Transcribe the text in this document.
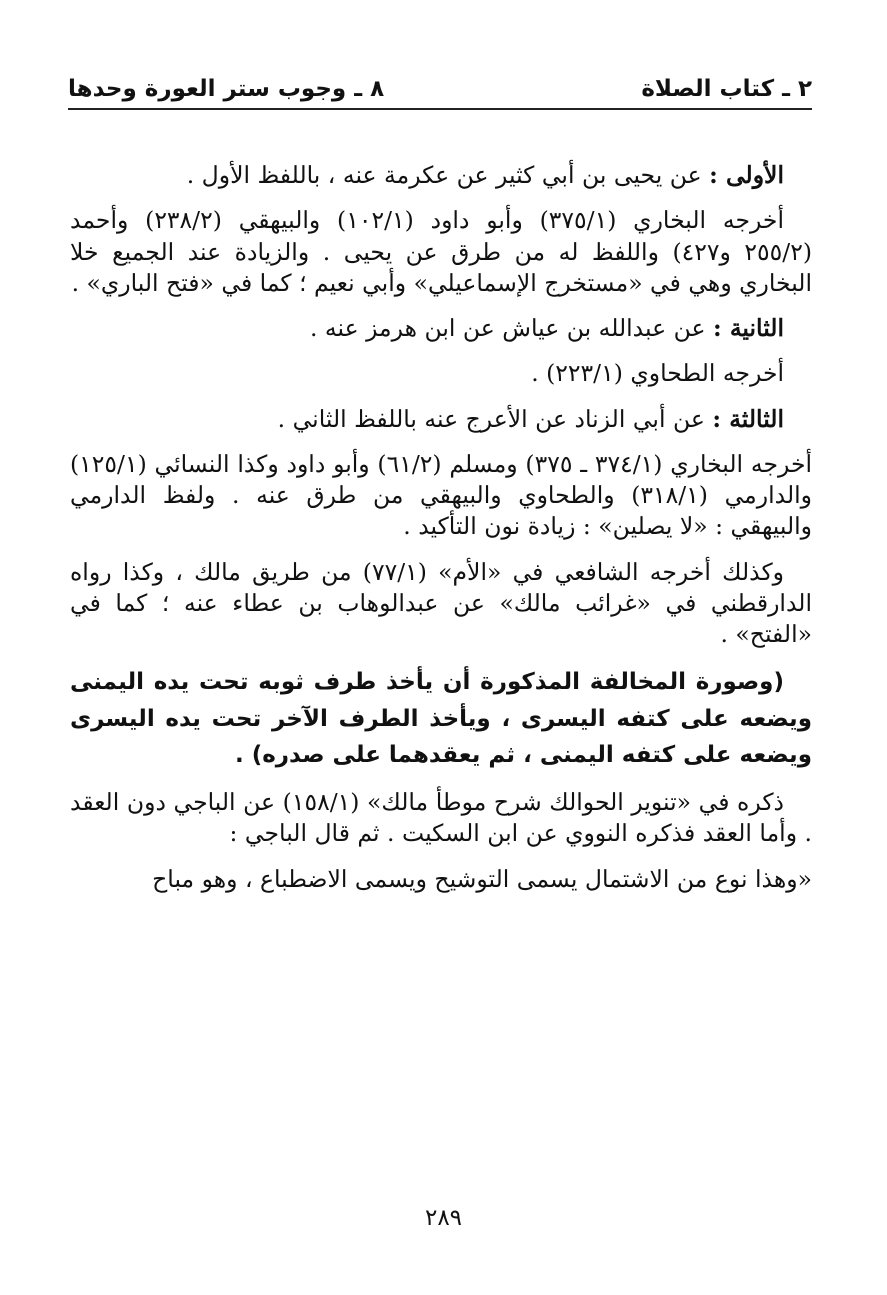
٢ ـ كتاب الصلاة
٨ ـ وجوب ستر العورة وحدها

الأولى : عن يحيى بن أبي كثير عن عكرمة عنه ، باللفظ الأول .

أخرجه البخاري (٣٧٥/١) وأبو داود (١٠٢/١) والبيهقي (٢٣٨/٢) وأحمد (٢٥٥/٢ و٤٢٧) واللفظ له من طرق عن يحيى . والزيادة عند الجميع خلا البخاري وهي في «مستخرج الإسماعيلي» وأبي نعيم ؛ كما في «فتح الباري» .

الثانية : عن عبدالله بن عياش عن ابن هرمز عنه .

أخرجه الطحاوي (٢٢٣/١) .

الثالثة : عن أبي الزناد عن الأعرج عنه باللفظ الثاني .

أخرجه البخاري (٣٧٤/١ ـ ٣٧٥) ومسلم (٦١/٢) وأبو داود وكذا النسائي (١٢٥/١) والدارمي (٣١٨/١) والطحاوي والبيهقي من طرق عنه . ولفظ الدارمي والبيهقي : «لا يصلين» : زيادة نون التأكيد .

وكذلك أخرجه الشافعي في «الأم» (٧٧/١) من طريق مالك ، وكذا رواه الدارقطني في «غرائب مالك» عن عبدالوهاب بن عطاء عنه ؛ كما في «الفتح» .

(وصورة المخالفة المذكورة أن يأخذ طرف ثوبه تحت يده اليمنى ويضعه على كتفه اليسرى ، ويأخذ الطرف الآخر تحت يده اليسرى ويضعه على كتفه اليمنى ، ثم يعقدهما على صدره) .

ذكره في «تنوير الحوالك شرح موطأ مالك» (١٥٨/١) عن الباجي دون العقد . وأما العقد فذكره النووي عن ابن السكيت . ثم قال الباجي :

«وهذا نوع من الاشتمال يسمى التوشيح ويسمى الاضطباع ، وهو مباح

٢٨٩
